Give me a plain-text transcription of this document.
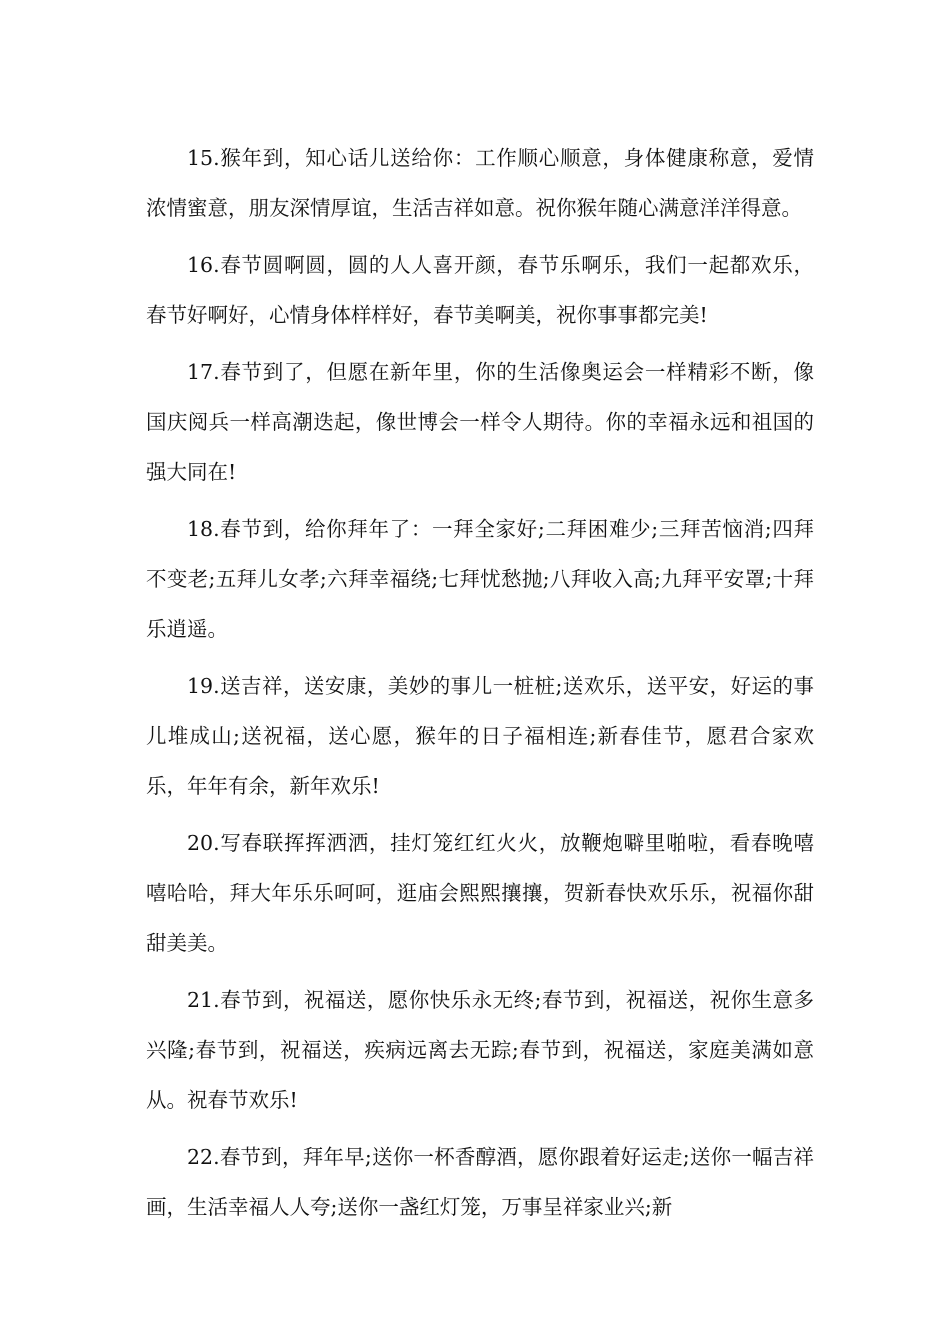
15.猴年到，知心话儿送给你：工作顺心顺意，身体健康称意，爱情浓情蜜意，朋友深情厚谊，生活吉祥如意。祝你猴年随心满意洋洋得意。

16.春节圆啊圆，圆的人人喜开颜，春节乐啊乐，我们一起都欢乐，春节好啊好，心情身体样样好，春节美啊美，祝你事事都完美!

17.春节到了，但愿在新年里，你的生活像奥运会一样精彩不断，像国庆阅兵一样高潮迭起，像世博会一样令人期待。你的幸福永远和祖国的强大同在!

18.春节到，给你拜年了：一拜全家好;二拜困难少;三拜苦恼消;四拜不变老;五拜儿女孝;六拜幸福绕;七拜忧愁抛;八拜收入高;九拜平安罩;十拜乐逍遥。

19.送吉祥，送安康，美妙的事儿一桩桩;送欢乐，送平安，好运的事儿堆成山;送祝福，送心愿，猴年的日子福相连;新春佳节，愿君合家欢乐，年年有余，新年欢乐!

20.写春联挥挥洒洒，挂灯笼红红火火，放鞭炮噼里啪啦，看春晚嘻嘻哈哈，拜大年乐乐呵呵，逛庙会熙熙攘攘，贺新春快欢乐乐，祝福你甜甜美美。

21.春节到，祝福送，愿你快乐永无终;春节到，祝福送，祝你生意多兴隆;春节到，祝福送，疾病远离去无踪;春节到，祝福送，家庭美满如意从。祝春节欢乐!

22.春节到，拜年早;送你一杯香醇酒，愿你跟着好运走;送你一幅吉祥画，生活幸福人人夸;送你一盏红灯笼，万事呈祥家业兴;新
